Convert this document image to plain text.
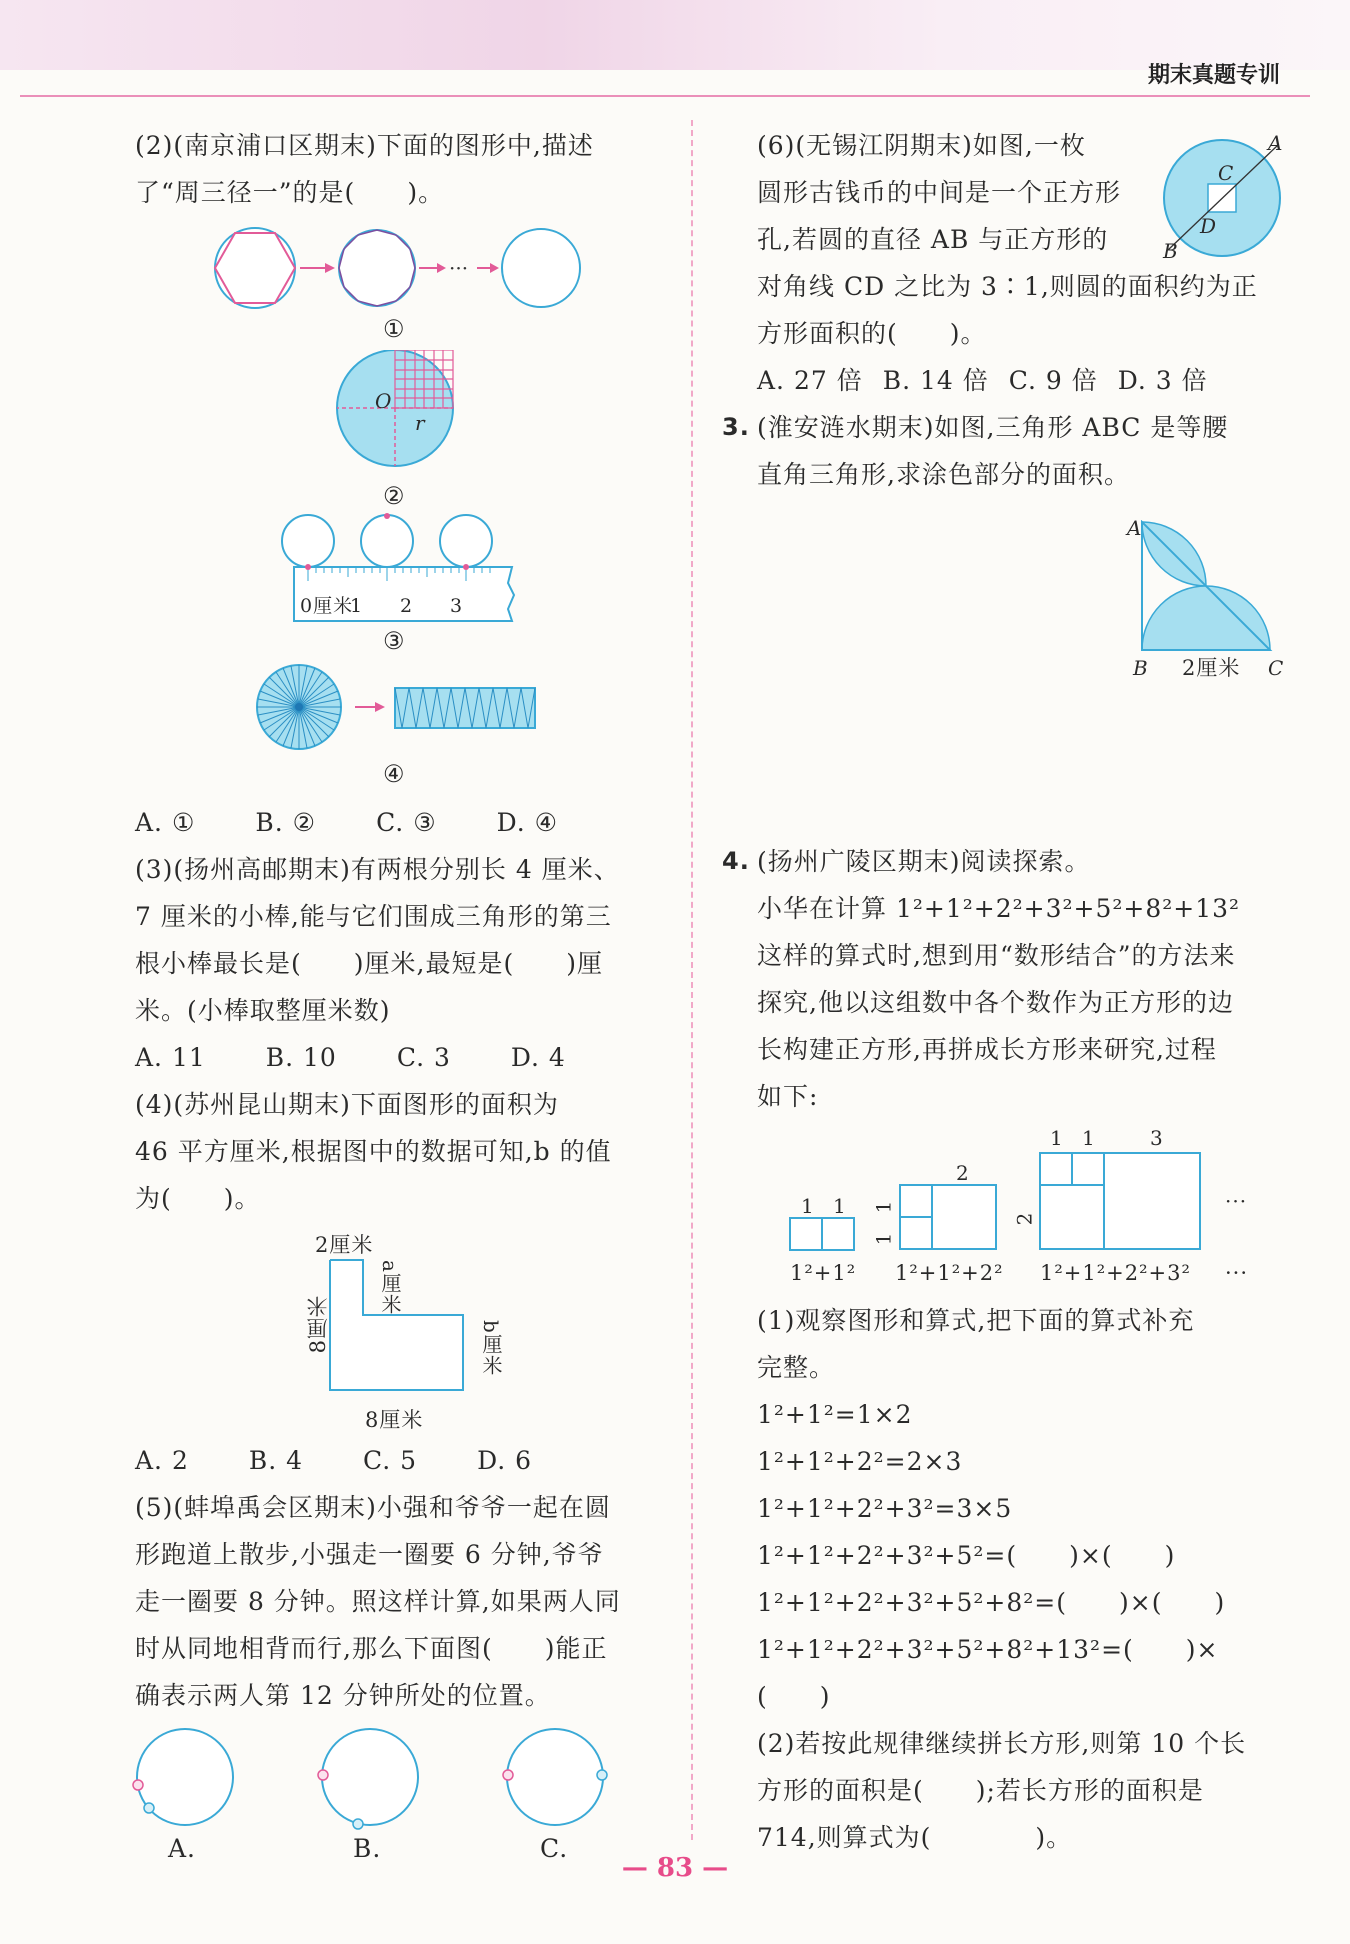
期末真题专训
(2)(南京浦口区期末)下面的图形中,描述
了“周三径一”的是(　　)。
···
①
O
r
②
0厘米
1 2 3
③
④
A. ① B. ② C. ③ D. ④
(3)(扬州高邮期末)有两根分别长 4 厘米、
7 厘米的小棒,能与它们围成三角形的第三
根小棒最长是(　　)厘米,最短是(　　)厘
米。(小棒取整厘米数)
A. 11 B. 10 C. 3 D. 4
(4)(苏州昆山期末)下面图形的面积为
46 平方厘米,根据图中的数据可知,b 的值
为(　　)。
2厘米
a厘米
8厘米	b厘米
8厘米
A. 2 B. 4 C. 5 D. 6
(5)(蚌埠禹会区期末)小强和爷爷一起在圆
形跑道上散步,小强走一圈要 6 分钟,爷爷
走一圈要 8 分钟。照这样计算,如果两人同
时从同地相背而行,那么下面图(　　)能正
确表示两人第 12 分钟所处的位置。
A.	B.	C.
(6)(无锡江阴期末)如图,一枚
圆形古钱币的中间是一个正方形
孔,若圆的直径 AB 与正方形的
对角线 CD 之比为 3∶1,则圆的面积约为正
方形面积的(　　)。
A
B
C
D
A. 27 倍 B. 14 倍 C. 9 倍 D. 3 倍
3. (淮安涟水期末)如图,三角形 ABC 是等腰
直角三角形,求涂色部分的面积。
A
B 2厘米 C
4. (扬州广陵区期末)阅读探索。
小华在计算 1²+1²+2²+3²+5²+8²+13²
这样的算式时,想到用“数形结合”的方法来
探究,他以这组数中各个数作为正方形的边
长构建正方形,再拼成长方形来研究,过程
如下:
1 1
2
1
1
1 1	3
2
···
1²+1² 1²+1²+2² 1²+1²+2²+3² ···
(1)观察图形和算式,把下面的算式补充
完整。
1²+1²=1×2
1²+1²+2²=2×3
1²+1²+2²+3²=3×5
1²+1²+2²+3²+5²=(　　)×(　　)
1²+1²+2²+3²+5²+8²=(　　)×(　　)
1²+1²+2²+3²+5²+8²+13²=(　　)×
(　　)
(2)若按此规律继续拼长方形,则第 10 个长
方形的面积是(　　);若长方形的面积是
714,则算式为(　　　　)。
— 83 —
